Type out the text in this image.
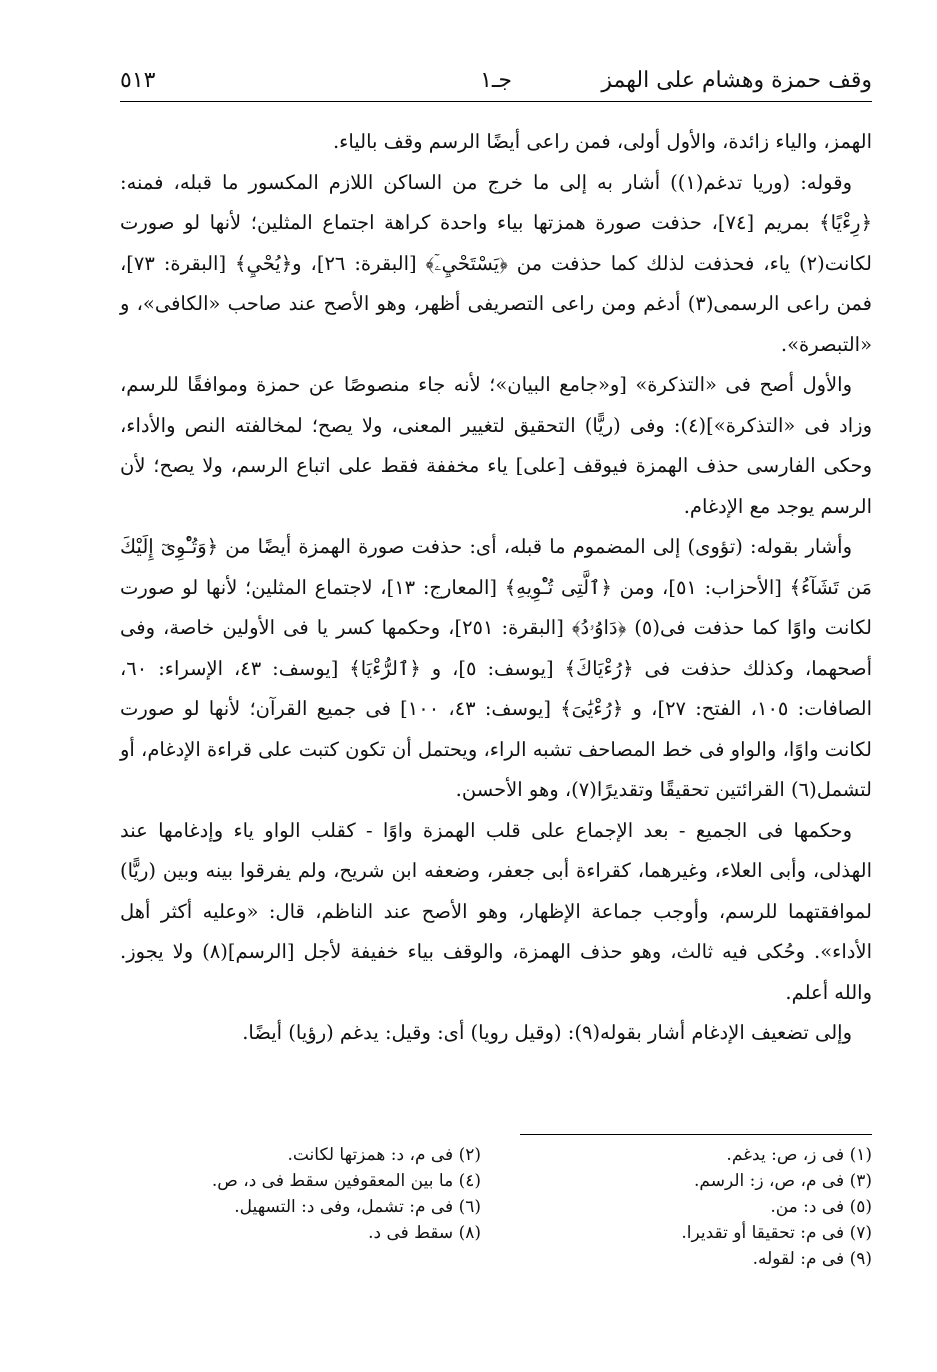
وقف حمزة وهشام على الهمز
جـ١
٥١٣

الهمز، والياء زائدة، والأول أولى، فمن راعى أيضًا الرسم وقف بالياء.

وقوله: (وريا تدغم(١)) أشار به إلى ما خرج من الساكن اللازم المكسور ما قبله، فمنه: ﴿رِءْيًا﴾ بمريم [٧٤]، حذفت صورة همزتها بياء واحدة كراهة اجتماع المثلين؛ لأنها لو صورت لكانت(٢) ياء، فحذفت لذلك كما حذفت من ﴿يَسْتَحْيِۦٓ﴾ [البقرة: ٢٦]، و﴿يُحْيِ﴾ [البقرة: ٧٣]، فمن راعى الرسمى(٣) أدغم ومن راعى التصريفى أظهر، وهو الأصح عند صاحب «الكافى»، و «التبصرة».

والأول أصح فى «التذكرة» [و«جامع البيان»؛ لأنه جاء منصوصًا عن حمزة وموافقًا للرسم، وزاد فى «التذكرة»](٤): وفى (ريًّا) التحقيق لتغيير المعنى، ولا يصح؛ لمخالفته النص والأداء، وحكى الفارسى حذف الهمزة فيوقف [على] ياء مخففة فقط على اتباع الرسم، ولا يصح؛ لأن الرسم يوجد مع الإدغام.

وأشار بقوله: (تؤوى) إلى المضموم ما قبله، أى: حذفت صورة الهمزة أيضًا من ﴿وَتُـْٔوِىٓ إِلَيْكَ مَن تَشَآءُ﴾ [الأحزاب: ٥١]، ومن ﴿ٱلَّتِى تُـْٔوِيهِ﴾ [المعارج: ١٣]، لاجتماع المثلين؛ لأنها لو صورت لكانت واوًا كما حذفت فى(٥) ﴿دَاوُۥدُ﴾ [البقرة: ٢٥١]، وحكمها كسر يا فى الأولين خاصة، وفى أصحهما، وكذلك حذفت فى ﴿رُءْيَاكَ﴾ [يوسف: ٥]، و ﴿ٱلرُّءْيَا﴾ [يوسف: ٤٣، الإسراء: ٦٠، الصافات: ١٠٥، الفتح: ٢٧]، و ﴿رُءْيَٰىَ﴾ [يوسف: ٤٣، ١٠٠] فى جميع القرآن؛ لأنها لو صورت لكانت واوًا، والواو فى خط المصاحف تشبه الراء، ويحتمل أن تكون كتبت على قراءة الإدغام، أو لتشمل(٦) القرائتين تحقيقًا وتقديرًا(٧)، وهو الأحسن.

وحكمها فى الجميع - بعد الإجماع على قلب الهمزة واوًا - كقلب الواو ياء وإدغامها عند الهذلى، وأبى العلاء، وغيرهما، كقراءة أبى جعفر، وضعفه ابن شريح، ولم يفرقوا بينه وبين (ريًّا) لموافقتهما للرسم، وأوجب جماعة الإظهار، وهو الأصح عند الناظم، قال: «وعليه أكثر أهل الأداء». وحُكى فيه ثالث، وهو حذف الهمزة، والوقف بياء خفيفة لأجل [الرسم](٨) ولا يجوز. والله أعلم.

وإلى تضعيف الإدغام أشار بقوله(٩): (وقيل رويا) أى: وقيل: يدغم (رؤيا) أيضًا.

(١) فى ز، ص: يدغم.
(٢) فى م، د: همزتها لكانت.
(٣) فى م، ص، ز: الرسم.
(٤) ما بين المعقوفين سقط فى د، ص.
(٥) فى د: من.
(٦) فى م: تشمل، وفى د: التسهيل.
(٧) فى م: تحقيقا أو تقديرا.
(٨) سقط فى د.
(٩) فى م: لقوله.
